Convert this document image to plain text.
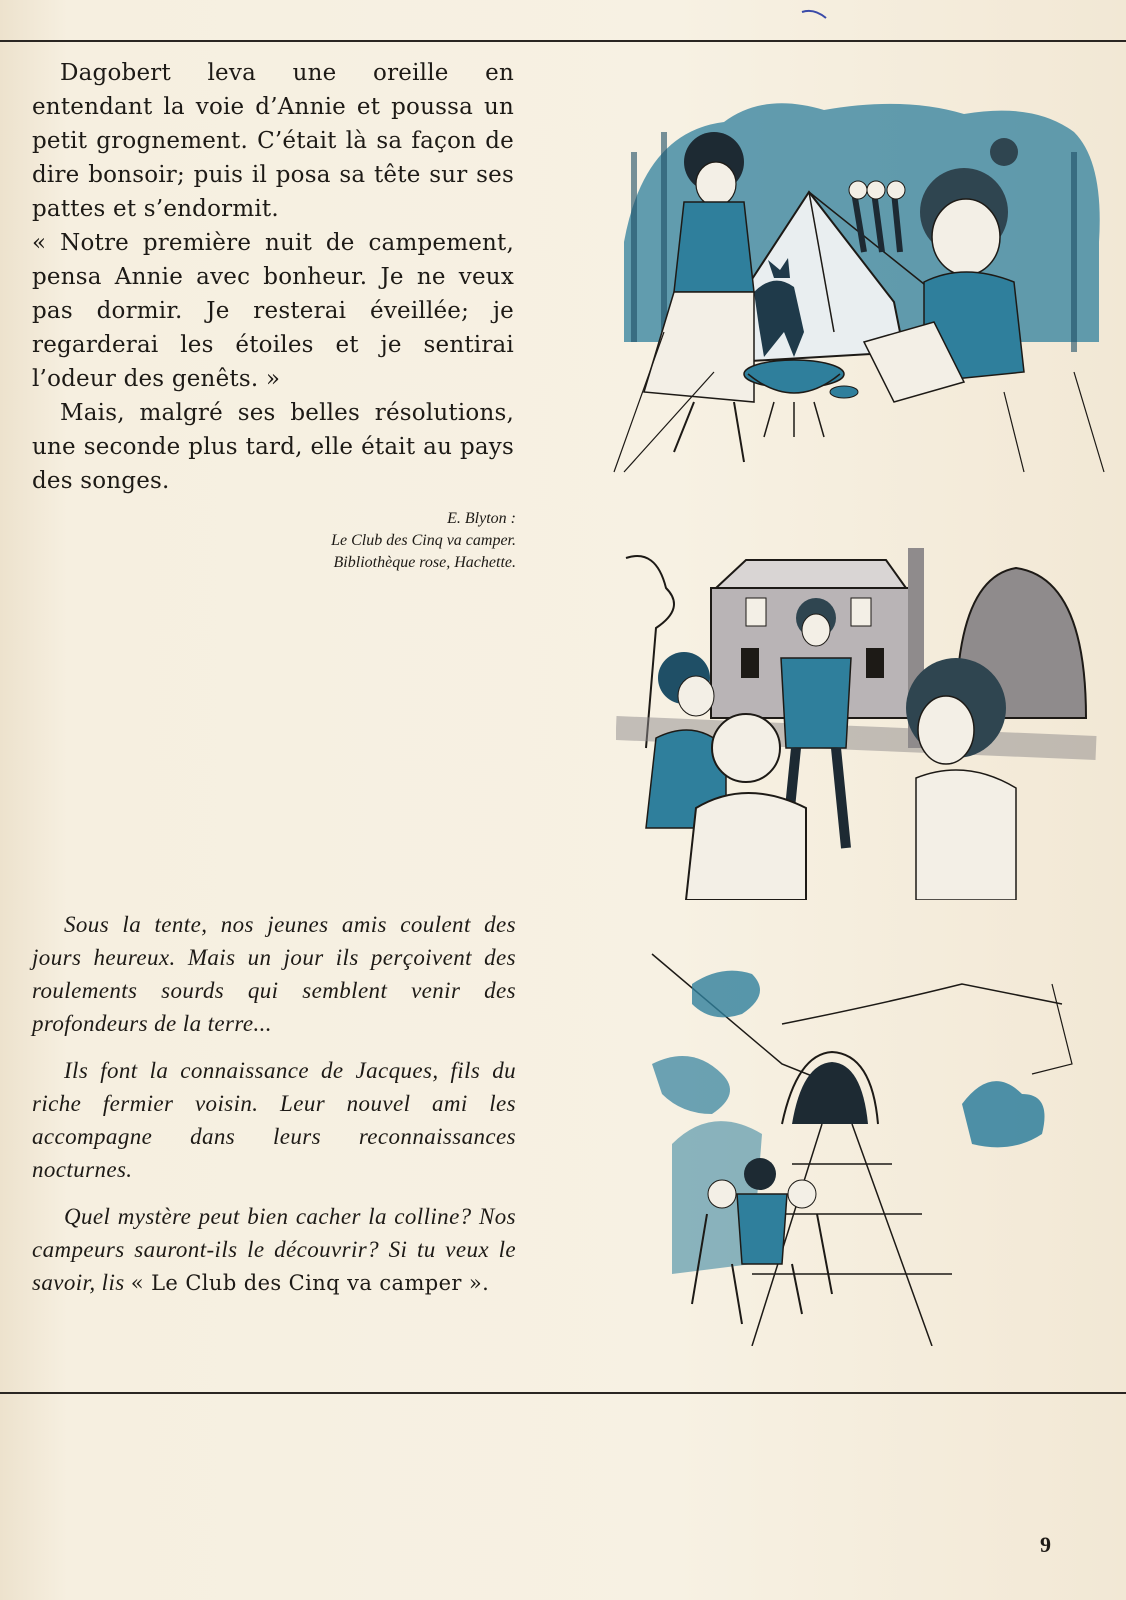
Dagobert leva une oreille en entendant la voie d’Annie et poussa un petit grognement. C’était là sa façon de dire bonsoir; puis il posa sa tête sur ses pattes et s’endormit.

« Notre première nuit de campement, pensa Annie avec bonheur. Je ne veux pas dormir. Je resterai éveillée; je regarderai les étoiles et je sentirai l’odeur des genêts. »

Mais, malgré ses belles résolutions, une seconde plus tard, elle était au pays des songes.

E. Blyton :
Le Club des Cinq va camper.
Bibliothèque rose, Hachette.

Sous la tente, nos jeunes amis coulent des jours heureux. Mais un jour ils perçoivent des roulements sourds qui semblent venir des profondeurs de la terre...

Ils font la connaissance de Jacques, fils du riche fermier voisin. Leur nouvel ami les accompagne dans leurs reconnaissances nocturnes.

Quel mystère peut bien cacher la colline? Nos campeurs sauront-ils le découvrir? Si tu veux le savoir, lis « Le Club des Cinq va camper ».

9
